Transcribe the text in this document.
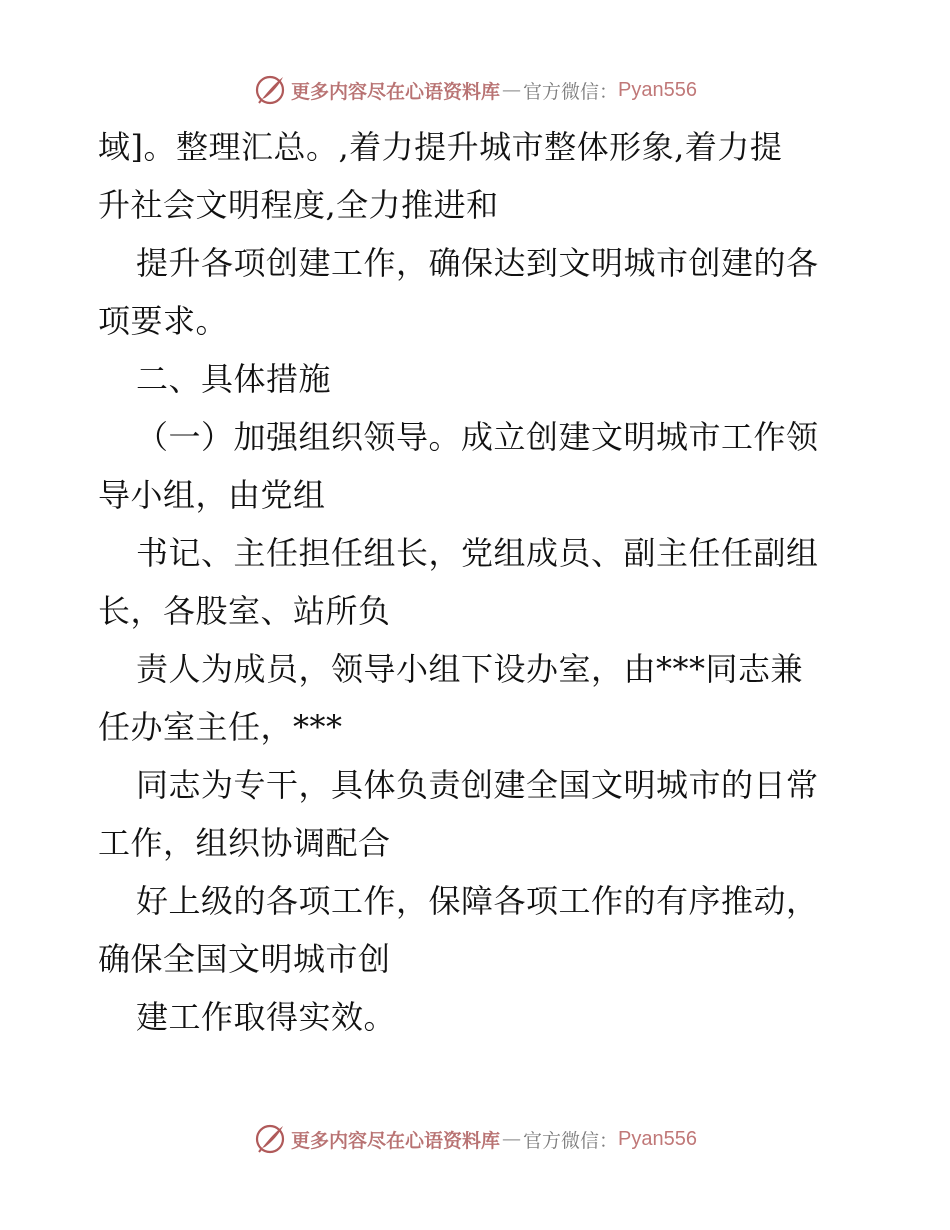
更多内容尽在心语资料库 — 官方微信： Pyan556
域]。整理汇总。,着力提升城市整体形象,着力提
升社会文明程度,全力推进和
提升各项创建工作，确保达到文明城市创建的各
项要求。
二、具体措施
（一）加强组织领导。成立创建文明城市工作领
导小组，由党组
书记、主任担任组长，党组成员、副主任任副组
长，各股室、站所负
责人为成员，领导小组下设办室，由***同志兼
任办室主任，***
同志为专干，具体负责创建全国文明城市的日常
工作，组织协调配合
好上级的各项工作，保障各项工作的有序推动，
确保全国文明城市创
建工作取得实效。
更多内容尽在心语资料库 — 官方微信： Pyan556
